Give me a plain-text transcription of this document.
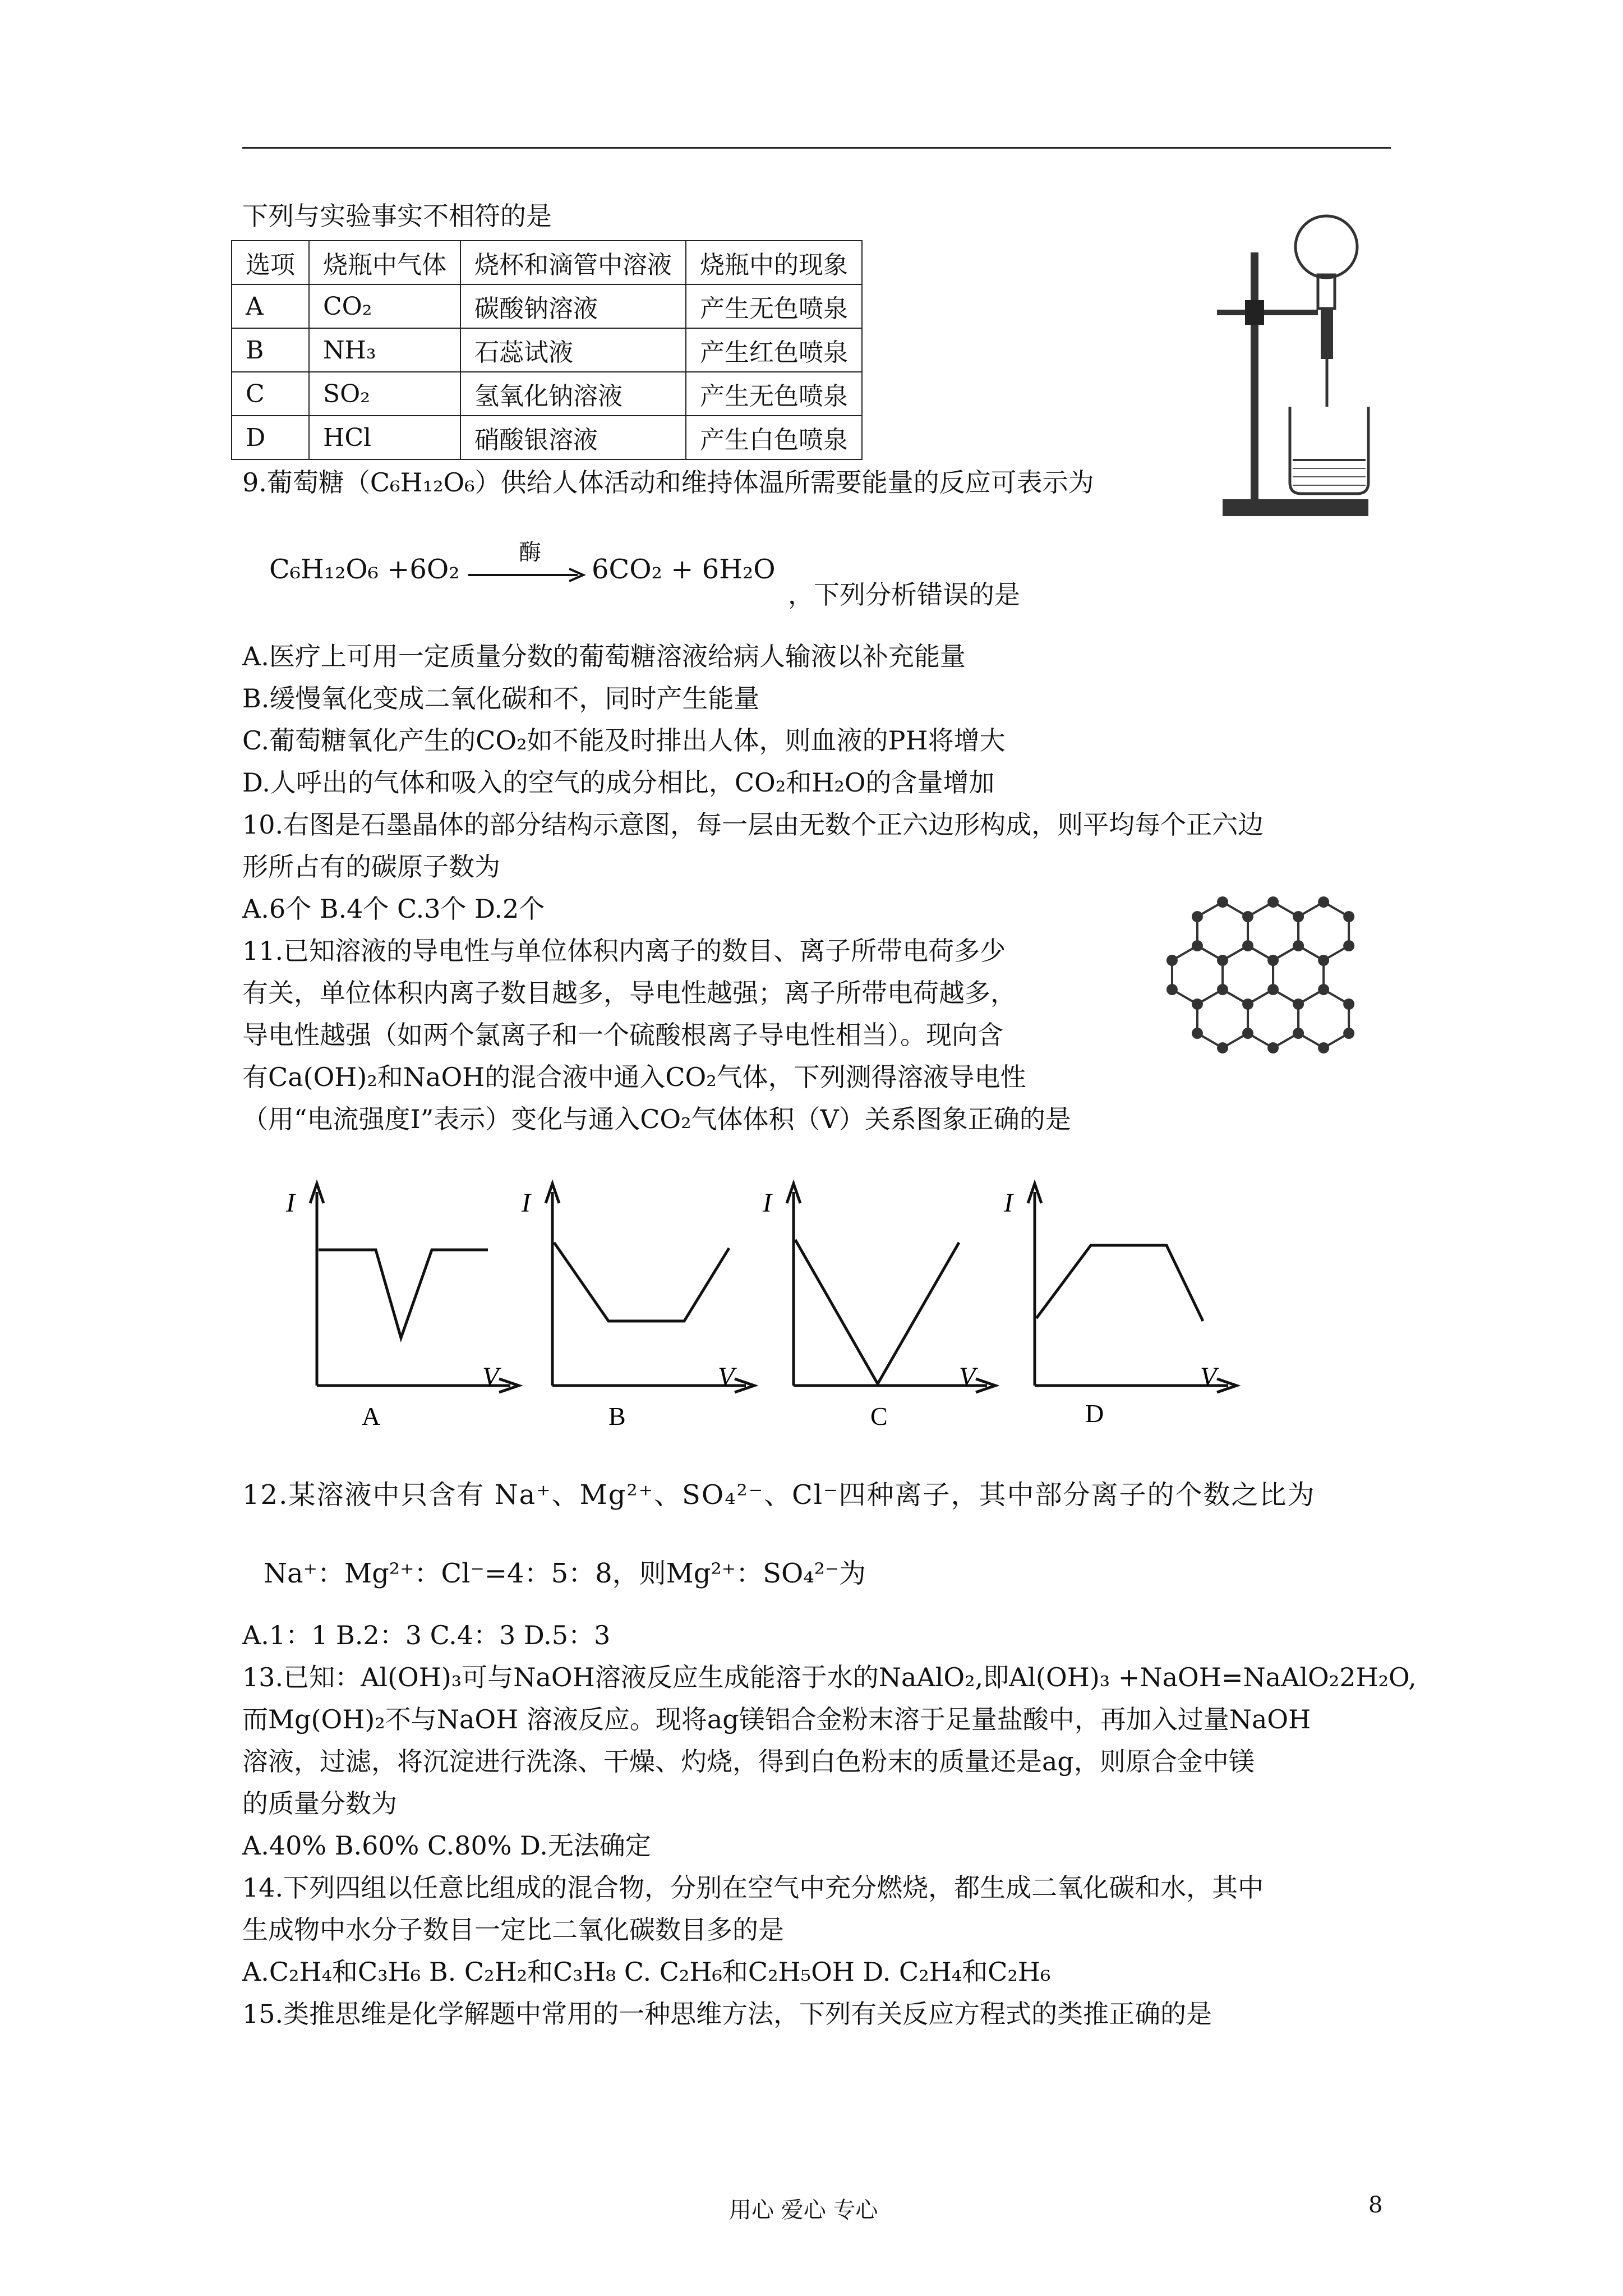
下列与实验事实不相符的是
选项	烧瓶中气体	烧杯和滴管中溶液	烧瓶中的现象
A	CO₂	碳酸钠溶液	产生无色喷泉
B	NH₃	石蕊试液	产生红色喷泉
C	SO₂	氢氧化钠溶液	产生无色喷泉
D	HCl	硝酸银溶液	产生白色喷泉
9.葡萄糖（C₆H₁₂O₆）供给人体活动和维持体温所需要能量的反应可表示为
C₆H₁₂O₆ +6O₂
酶
6CO₂ + 6H₂O
，下列分析错误的是
A.医疗上可用一定质量分数的葡萄糖溶液给病人输液以补充能量
B.缓慢氧化变成二氧化碳和不，同时产生能量
C.葡萄糖氧化产生的CO₂如不能及时排出人体，则血液的PH将增大
D.人呼出的气体和吸入的空气的成分相比，CO₂和H₂O的含量增加
10.右图是石墨晶体的部分结构示意图，每一层由无数个正六边形构成，则平均每个正六边
形所占有的碳原子数为
A.6个 B.4个 C.3个 D.2个
11.已知溶液的导电性与单位体积内离子的数目、离子所带电荷多少
有关，单位体积内离子数目越多，导电性越强；离子所带电荷越多，
导电性越强（如两个氯离子和一个硫酸根离子导电性相当）。现向含
有Ca(OH)₂和NaOH的混合液中通入CO₂气体，下列测得溶液导电性
（用“电流强度I”表示）变化与通入CO₂气体体积（V）关系图象正确的是
I
V
A
I
V
B
I
V
C
I
V
D
12.某溶液中只含有 Na⁺、Mg²⁺、SO₄²⁻、Cl⁻四种离子，其中部分离子的个数之比为
Na⁺：Mg²⁺：Cl⁻=4：5：8，则Mg²⁺：SO₄²⁻为
A.1：1 B.2：3 C.4：3 D.5：3
13.已知：Al(OH)₃可与NaOH溶液反应生成能溶于水的NaAlO₂,即Al(OH)₃ +NaOH=NaAlO₂2H₂O,
而Mg(OH)₂不与NaOH 溶液反应。现将ag镁铝合金粉末溶于足量盐酸中，再加入过量NaOH
溶液，过滤，将沉淀进行洗涤、干燥、灼烧，得到白色粉末的质量还是ag，则原合金中镁
的质量分数为
A.40% B.60% C.80% D.无法确定
14.下列四组以任意比组成的混合物，分别在空气中充分燃烧，都生成二氧化碳和水，其中
生成物中水分子数目一定比二氧化碳数目多的是
A.C₂H₄和C₃H₆ B. C₂H₂和C₃H₈ C. C₂H₆和C₂H₅OH D. C₂H₄和C₂H₆
15.类推思维是化学解题中常用的一种思维方法，下列有关反应方程式的类推正确的是
用心 爱心 专心	8
